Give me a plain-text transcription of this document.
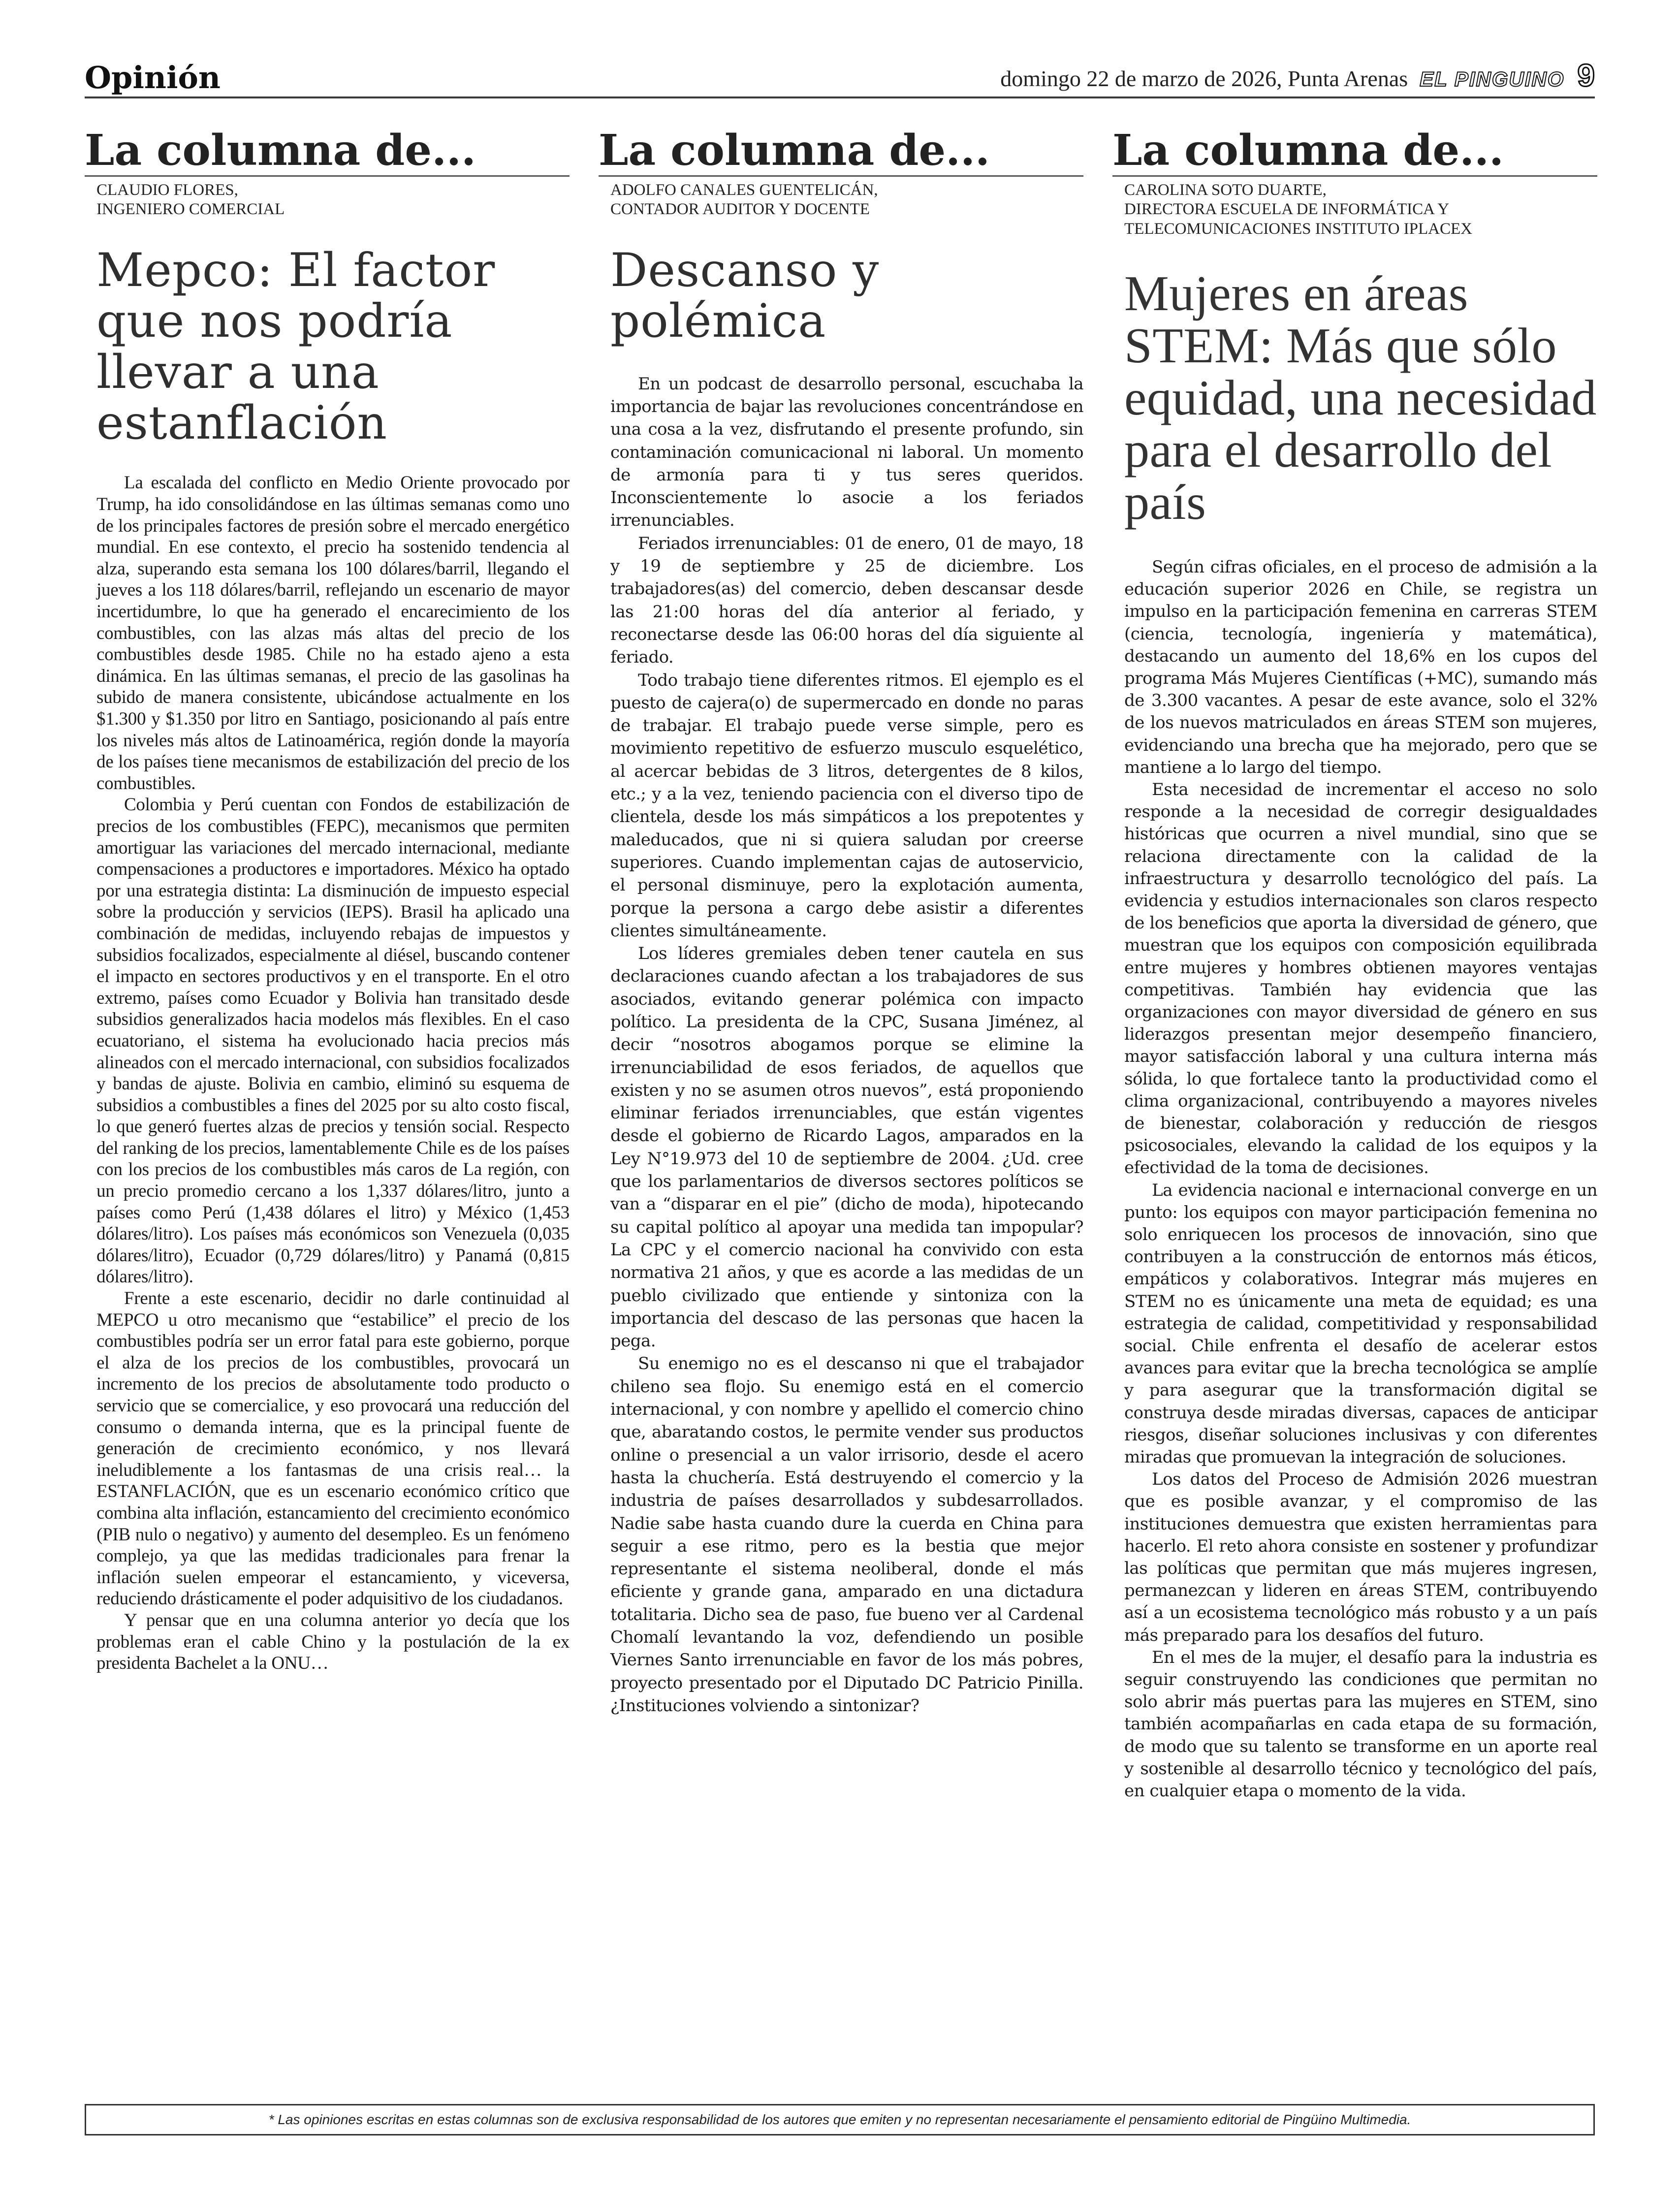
Opinión	domingo 22 de marzo de 2026, Punta Arenas EL PINGUINO 9
La columna de...
CLAUDIO FLORES,
INGENIERO COMERCIAL
Mepco: El factor que nos podría llevar a una estanflación

La escalada del conflicto en Medio Oriente provocado por Trump, ha ido consolidándose en las últimas semanas como uno de los principales factores de presión sobre el mercado energético mundial. En ese contexto, el precio ha sostenido tendencia al alza, superando esta semana los 100 dólares/barril, llegando el jueves a los 118 dólares/barril, reflejando un escenario de mayor incertidumbre, lo que ha generado el encarecimiento de los combustibles, con las alzas más altas del precio de los combustibles desde 1985. Chile no ha estado ajeno a esta dinámica. En las últimas semanas, el precio de las gasolinas ha subido de manera consistente, ubicándose actualmente en los $1.300 y $1.350 por litro en Santiago, posicionando al país entre los niveles más altos de Latinoamérica, región donde la mayoría de los países tiene mecanismos de estabilización del precio de los combustibles.

Colombia y Perú cuentan con Fondos de estabilización de precios de los combustibles (FEPC), mecanismos que permiten amortiguar las variaciones del mercado internacional, mediante compensaciones a productores e importadores. México ha optado por una estrategia distinta: La disminución de impuesto especial sobre la producción y servicios (IEPS). Brasil ha aplicado una combinación de medidas, incluyendo rebajas de impuestos y subsidios focalizados, especialmente al diésel, buscando contener el impacto en sectores productivos y en el transporte. En el otro extremo, países como Ecuador y Bolivia han transitado desde subsidios generalizados hacia modelos más flexibles. En el caso ecuatoriano, el sistema ha evolucionado hacia precios más alineados con el mercado internacional, con subsidios focalizados y bandas de ajuste. Bolivia en cambio, eliminó su esquema de subsidios a combustibles a fines del 2025 por su alto costo fiscal, lo que generó fuertes alzas de precios y tensión social. Respecto del ranking de los precios, lamentablemente Chile es de los países con los precios de los combustibles más caros de La región, con un precio promedio cercano a los 1,337 dólares/litro, junto a países como Perú (1,438 dólares el litro) y México (1,453 dólares/litro). Los países más económicos son Venezuela (0,035 dólares/litro), Ecuador (0,729 dólares/litro) y Panamá (0,815 dólares/litro).

Frente a este escenario, decidir no darle continuidad al MEPCO u otro mecanismo que “estabilice” el precio de los combustibles podría ser un error fatal para este gobierno, porque el alza de los precios de los combustibles, provocará un incremento de los precios de absolutamente todo producto o servicio que se comercialice, y eso provocará una reducción del consumo o demanda interna, que es la principal fuente de generación de crecimiento económico, y nos llevará ineludiblemente a los fantasmas de una crisis real… la ESTANFLACIÓN, que es un escenario económico crítico que combina alta inflación, estancamiento del crecimiento económico (PIB nulo o negativo) y aumento del desempleo. Es un fenómeno complejo, ya que las medidas tradicionales para frenar la inflación suelen empeorar el estancamiento, y viceversa, reduciendo drásticamente el poder adquisitivo de los ciudadanos.

Y pensar que en una columna anterior yo decía que los problemas eran el cable Chino y la postulación de la ex presidenta Bachelet a la ONU…

La columna de...
ADOLFO CANALES GUENTELICÁN,
CONTADOR AUDITOR Y DOCENTE
Descanso y polémica

En un podcast de desarrollo personal, escuchaba la importancia de bajar las revoluciones concentrándose en una cosa a la vez, disfrutando el presente profundo, sin contaminación comunicacional ni laboral. Un momento de armonía para ti y tus seres queridos. Inconscientemente lo asocie a los feriados irrenunciables.

Feriados irrenunciables: 01 de enero, 01 de mayo, 18 y 19 de septiembre y 25 de diciembre. Los trabajadores(as) del comercio, deben descansar desde las 21:00 horas del día anterior al feriado, y reconectarse desde las 06:00 horas del día siguiente al feriado.

Todo trabajo tiene diferentes ritmos. El ejemplo es el puesto de cajera(o) de supermercado en donde no paras de trabajar. El trabajo puede verse simple, pero es movimiento repetitivo de esfuerzo musculo esquelético, al acercar bebidas de 3 litros, detergentes de 8 kilos, etc.; y a la vez, teniendo paciencia con el diverso tipo de clientela, desde los más simpáticos a los prepotentes y maleducados, que ni si quiera saludan por creerse superiores. Cuando implementan cajas de autoservicio, el personal disminuye, pero la explotación aumenta, porque la persona a cargo debe asistir a diferentes clientes simultáneamente.

Los líderes gremiales deben tener cautela en sus declaraciones cuando afectan a los trabajadores de sus asociados, evitando generar polémica con impacto político. La presidenta de la CPC, Susana Jiménez, al decir “nosotros abogamos porque se elimine la irrenunciabilidad de esos feriados, de aquellos que existen y no se asumen otros nuevos”, está proponiendo eliminar feriados irrenunciables, que están vigentes desde el gobierno de Ricardo Lagos, amparados en la Ley N°19.973 del 10 de septiembre de 2004. ¿Ud. cree que los parlamentarios de diversos sectores políticos se van a “disparar en el pie” (dicho de moda), hipotecando su capital político al apoyar una medida tan impopular? La CPC y el comercio nacional ha convivido con esta normativa 21 años, y que es acorde a las medidas de un pueblo civilizado que entiende y sintoniza con la importancia del descaso de las personas que hacen la pega.

Su enemigo no es el descanso ni que el trabajador chileno sea flojo. Su enemigo está en el comercio internacional, y con nombre y apellido el comercio chino que, abaratando costos, le permite vender sus productos online o presencial a un valor irrisorio, desde el acero hasta la chuchería. Está destruyendo el comercio y la industria de países desarrollados y subdesarrollados. Nadie sabe hasta cuando dure la cuerda en China para seguir a ese ritmo, pero es la bestia que mejor representante el sistema neoliberal, donde el más eficiente y grande gana, amparado en una dictadura totalitaria. Dicho sea de paso, fue bueno ver al Cardenal Chomalí levantando la voz, defendiendo un posible Viernes Santo irrenunciable en favor de los más pobres, proyecto presentado por el Diputado DC Patricio Pinilla. ¿Instituciones volviendo a sintonizar?

La columna de...
CAROLINA SOTO DUARTE,
DIRECTORA ESCUELA DE INFORMÁTICA Y TELECOMUNICACIONES INSTITUTO IPLACEX
Mujeres en áreas STEM: Más que sólo equidad, una necesidad para el desarrollo del país

Según cifras oficiales, en el proceso de admisión a la educación superior 2026 en Chile, se registra un impulso en la participación femenina en carreras STEM (ciencia, tecnología, ingeniería y matemática), destacando un aumento del 18,6% en los cupos del programa Más Mujeres Científicas (+MC), sumando más de 3.300 vacantes. A pesar de este avance, solo el 32% de los nuevos matriculados en áreas STEM son mujeres, evidenciando una brecha que ha mejorado, pero que se mantiene a lo largo del tiempo.

Esta necesidad de incrementar el acceso no solo responde a la necesidad de corregir desigualdades históricas que ocurren a nivel mundial, sino que se relaciona directamente con la calidad de la infraestructura y desarrollo tecnológico del país. La evidencia y estudios internacionales son claros respecto de los beneficios que aporta la diversidad de género, que muestran que los equipos con composición equilibrada entre mujeres y hombres obtienen mayores ventajas competitivas. También hay evidencia que las organizaciones con mayor diversidad de género en sus liderazgos presentan mejor desempeño financiero, mayor satisfacción laboral y una cultura interna más sólida, lo que fortalece tanto la productividad como el clima organizacional, contribuyendo a mayores niveles de bienestar, colaboración y reducción de riesgos psicosociales, elevando la calidad de los equipos y la efectividad de la toma de decisiones.

La evidencia nacional e internacional converge en un punto: los equipos con mayor participación femenina no solo enriquecen los procesos de innovación, sino que contribuyen a la construcción de entornos más éticos, empáticos y colaborativos. Integrar más mujeres en STEM no es únicamente una meta de equidad; es una estrategia de calidad, competitividad y responsabilidad social. Chile enfrenta el desafío de acelerar estos avances para evitar que la brecha tecnológica se amplíe y para asegurar que la transformación digital se construya desde miradas diversas, capaces de anticipar riesgos, diseñar soluciones inclusivas y con diferentes miradas que promuevan la integración de soluciones.

Los datos del Proceso de Admisión 2026 muestran que es posible avanzar, y el compromiso de las instituciones demuestra que existen herramientas para hacerlo. El reto ahora consiste en sostener y profundizar las políticas que permitan que más mujeres ingresen, permanezcan y lideren en áreas STEM, contribuyendo así a un ecosistema tecnológico más robusto y a un país más preparado para los desafíos del futuro.

En el mes de la mujer, el desafío para la industria es seguir construyendo las condiciones que permitan no solo abrir más puertas para las mujeres en STEM, sino también acompañarlas en cada etapa de su formación, de modo que su talento se transforme en un aporte real y sostenible al desarrollo técnico y tecnológico del país, en cualquier etapa o momento de la vida.

* Las opiniones escritas en estas columnas son de exclusiva responsabilidad de los autores que emiten y no representan necesariamente el pensamiento editorial de Pingüino Multimedia.
